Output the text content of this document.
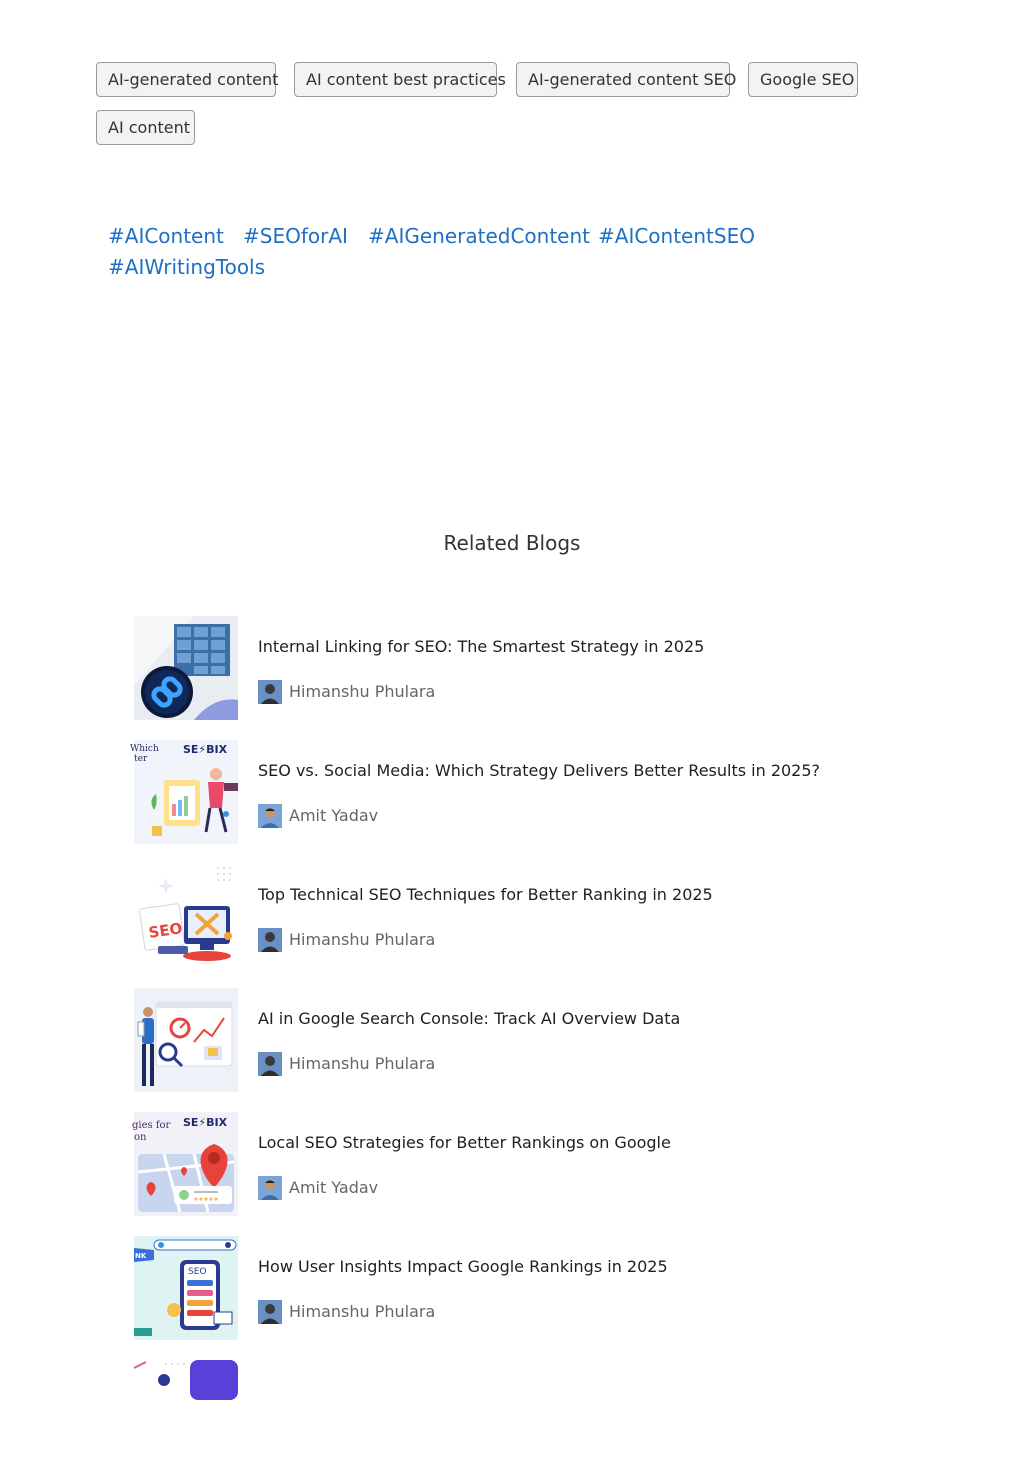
AI-generated content	AI content best practices	AI-generated content SEO	Google SEO
AI content
#AIContent #SEOforAI #AIGeneratedContent #AIContentSEO
#AIWritingTools
Related Blogs
Internal Linking for SEO: The Smartest Strategy in 2025
Himanshu Phulara
Which
ter
SE⚡BIX
SEO vs. Social Media: Which Strategy Delivers Better Results in 2025?
Amit Yadav
SEO
Top Technical SEO Techniques for Better Ranking in 2025
Himanshu Phulara
AI in Google Search Console: Track AI Overview Data
Himanshu Phulara
gies for
on
SE⚡BIX
Local SEO Strategies for Better Rankings on Google
Amit Yadav
NK
SEO	How User Insights Impact Google Rankings in 2025
Himanshu Phulara
